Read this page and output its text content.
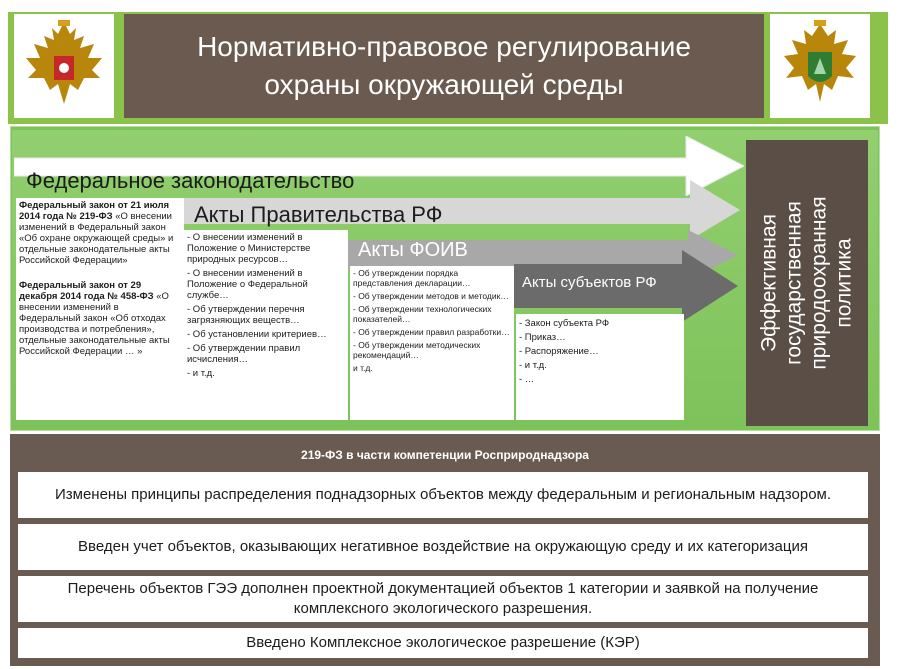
Нормативно-правовое регулирование
охраны окружающей среды
Федеральное законодательство
Акты Правительства РФ
Акты ФОИВ
Акты субъектов РФ

Федеральный закон от 21 июля 2014 года № 219-ФЗ «О внесении изменений в Федеральный закон «Об охране окружающей среды» и отдельные законодательные акты Российской Федерации»

Федеральный закон от 29 декабря 2014 года № 458-ФЗ «О внесении изменений в Федеральный закон «Об отходах производства и потребления», отдельные законодательные акты Российской Федерации … »

- О внесении изменений в Положение о Министерстве природных ресурсов…

- О внесении изменений в Положение о Федеральной службе…

- Об утверждении перечня загрязняющих веществ…

- Об установлении критериев…

- Об утверждении правил исчисления…

- и т.д.

- Об утверждении порядка представления декларации…

- Об утверждении методов и методик…

- Об утверждении технологических показателей…

- Об утверждении правил разработки…

- Об утверждении методических рекомендаций…

и т.д.

- Закон субъекта РФ

- Приказ…

- Распоряжение…

- и т.д.

- …

Эффективная государственная природоохранная политика
219-ФЗ в части компетенции Росприроднадзора
Изменены принципы распределения поднадзорных объектов между федеральным и региональным надзором.
Введен учет объектов, оказывающих негативное воздействие на окружающую среду и их категоризация
Перечень объектов ГЭЭ дополнен проектной документацией объектов 1 категории и заявкой на получение комплексного экологического разрешения.
Введено Комплексное экологическое разрешение (КЭР)
